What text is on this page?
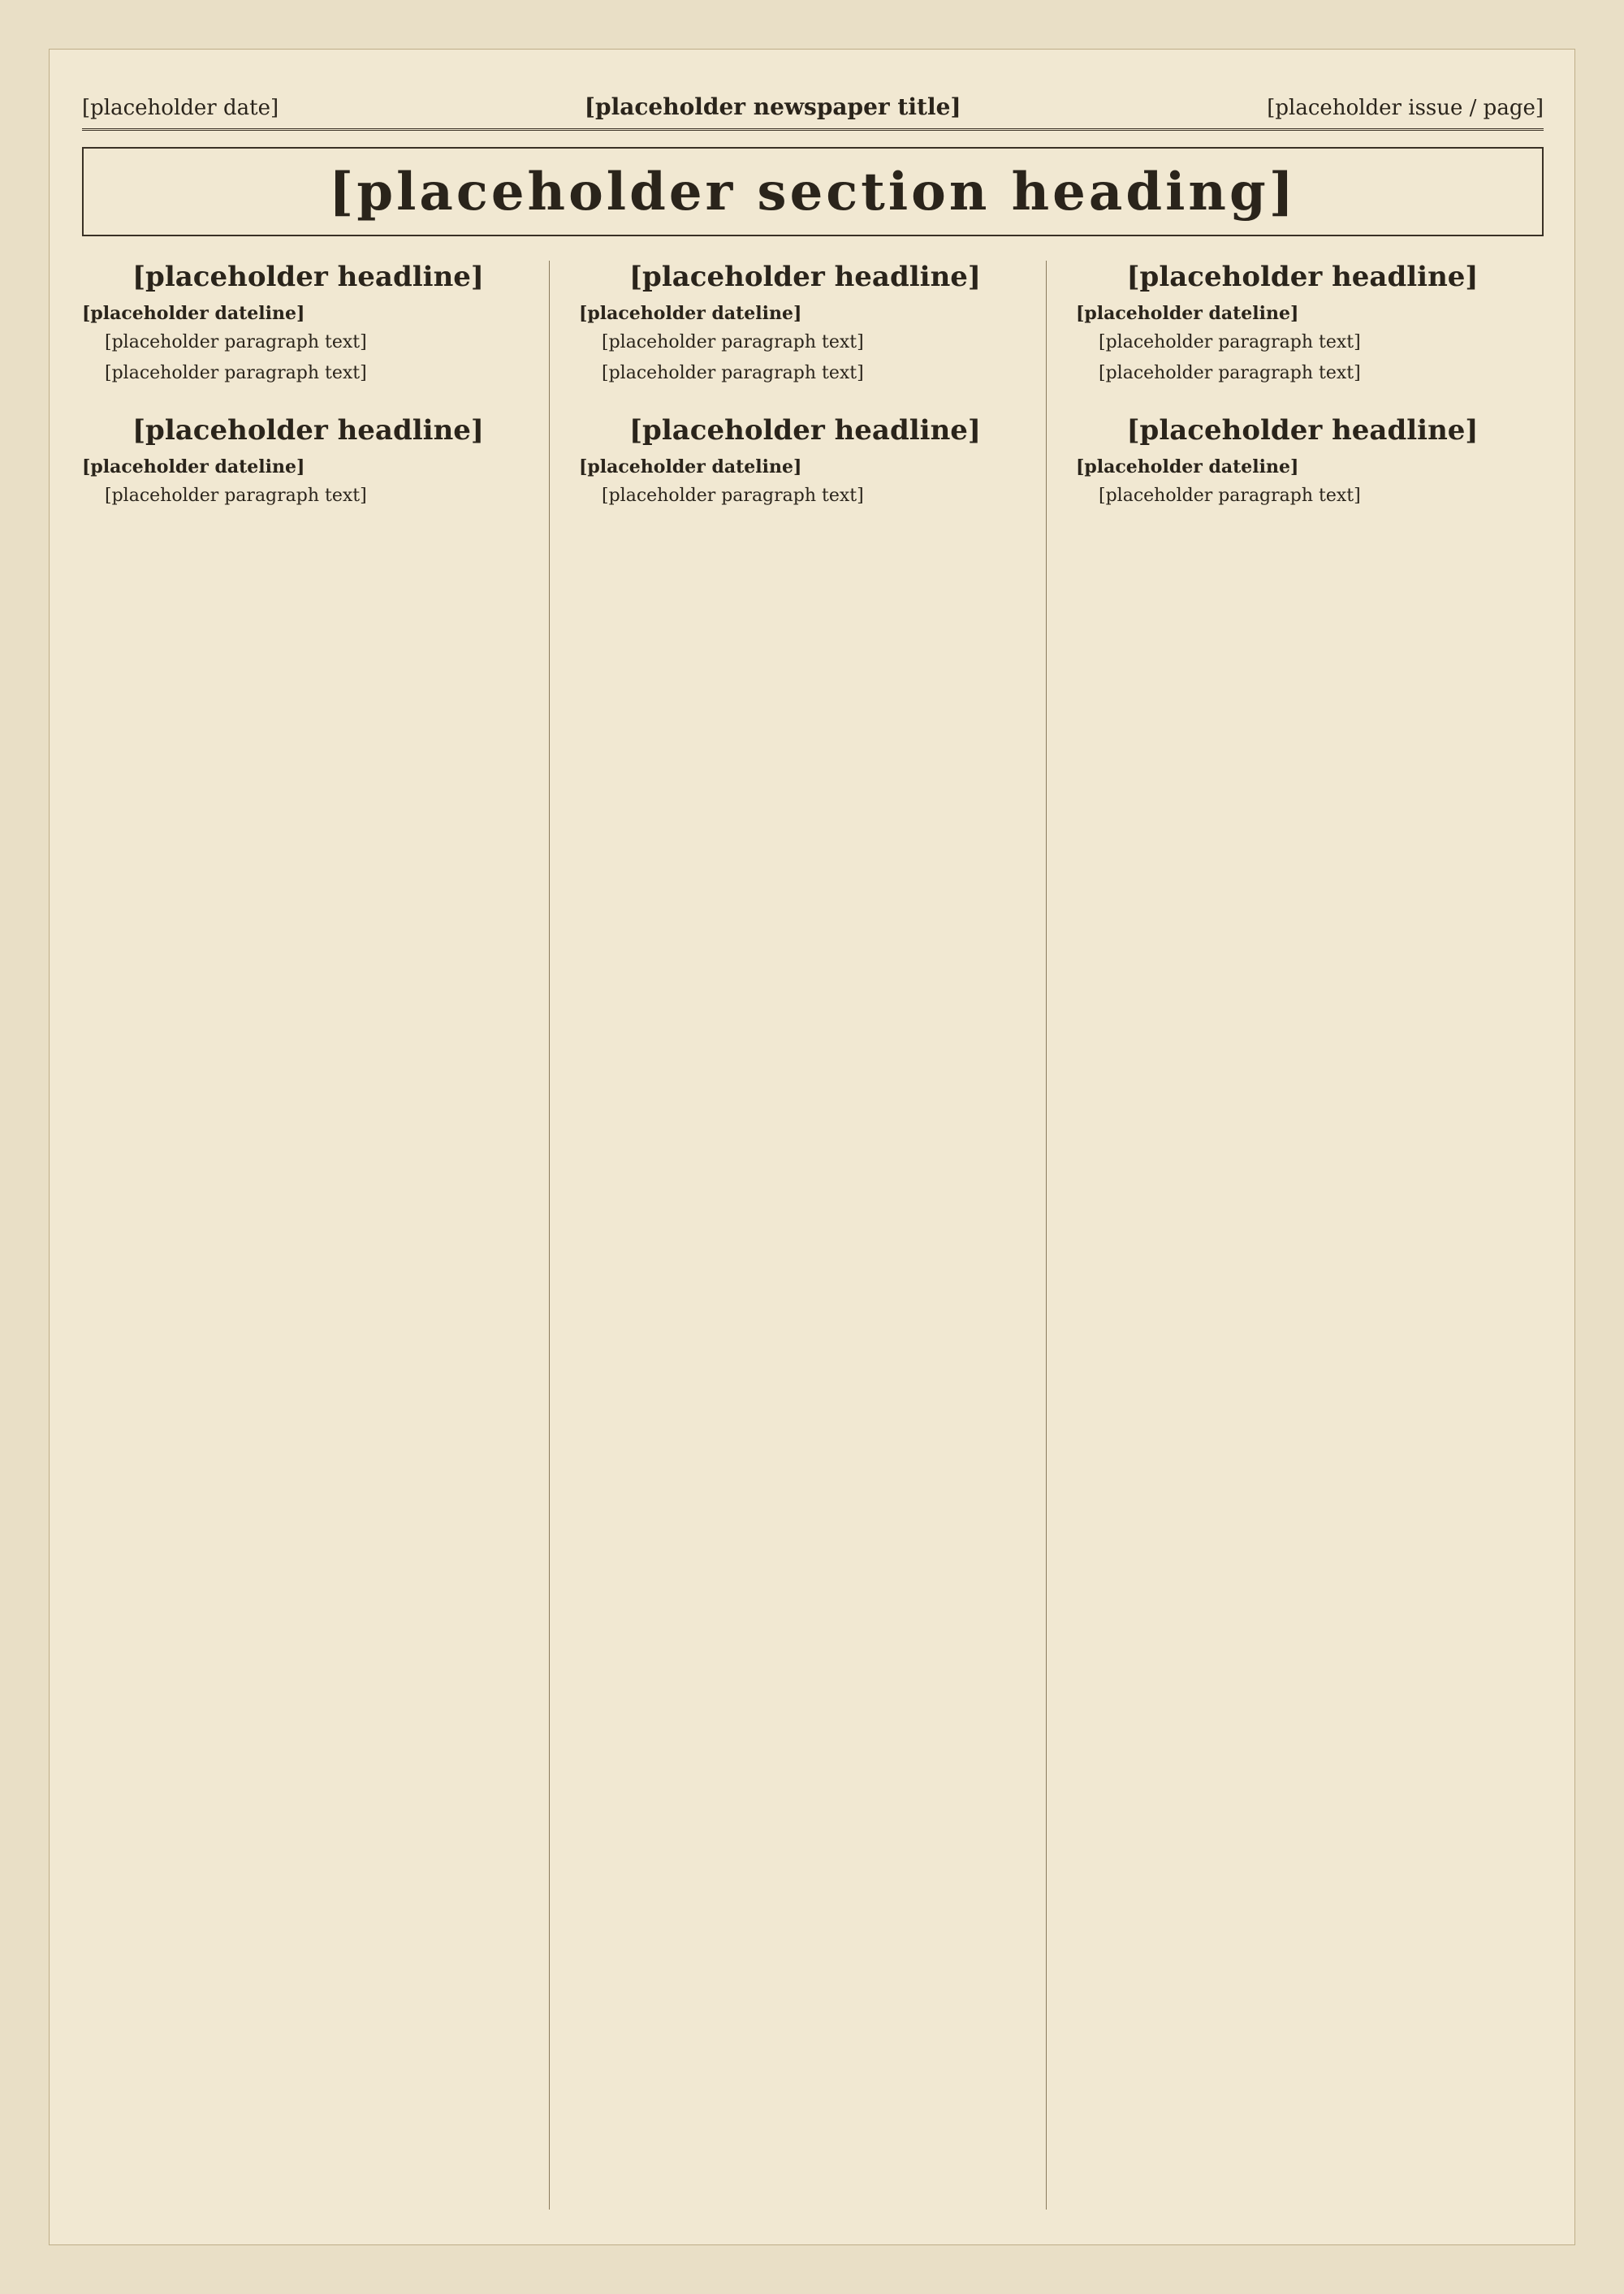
[placeholder date]	[placeholder newspaper title]	[placeholder issue / page]
[placeholder section heading]
[placeholder headline]
[placeholder dateline]

[placeholder paragraph text]

[placeholder paragraph text]

[placeholder headline]
[placeholder dateline]

[placeholder paragraph text]

[placeholder headline]
[placeholder dateline]

[placeholder paragraph text]

[placeholder paragraph text]

[placeholder headline]
[placeholder dateline]

[placeholder paragraph text]

[placeholder headline]
[placeholder dateline]

[placeholder paragraph text]

[placeholder paragraph text]

[placeholder headline]
[placeholder dateline]

[placeholder paragraph text]
